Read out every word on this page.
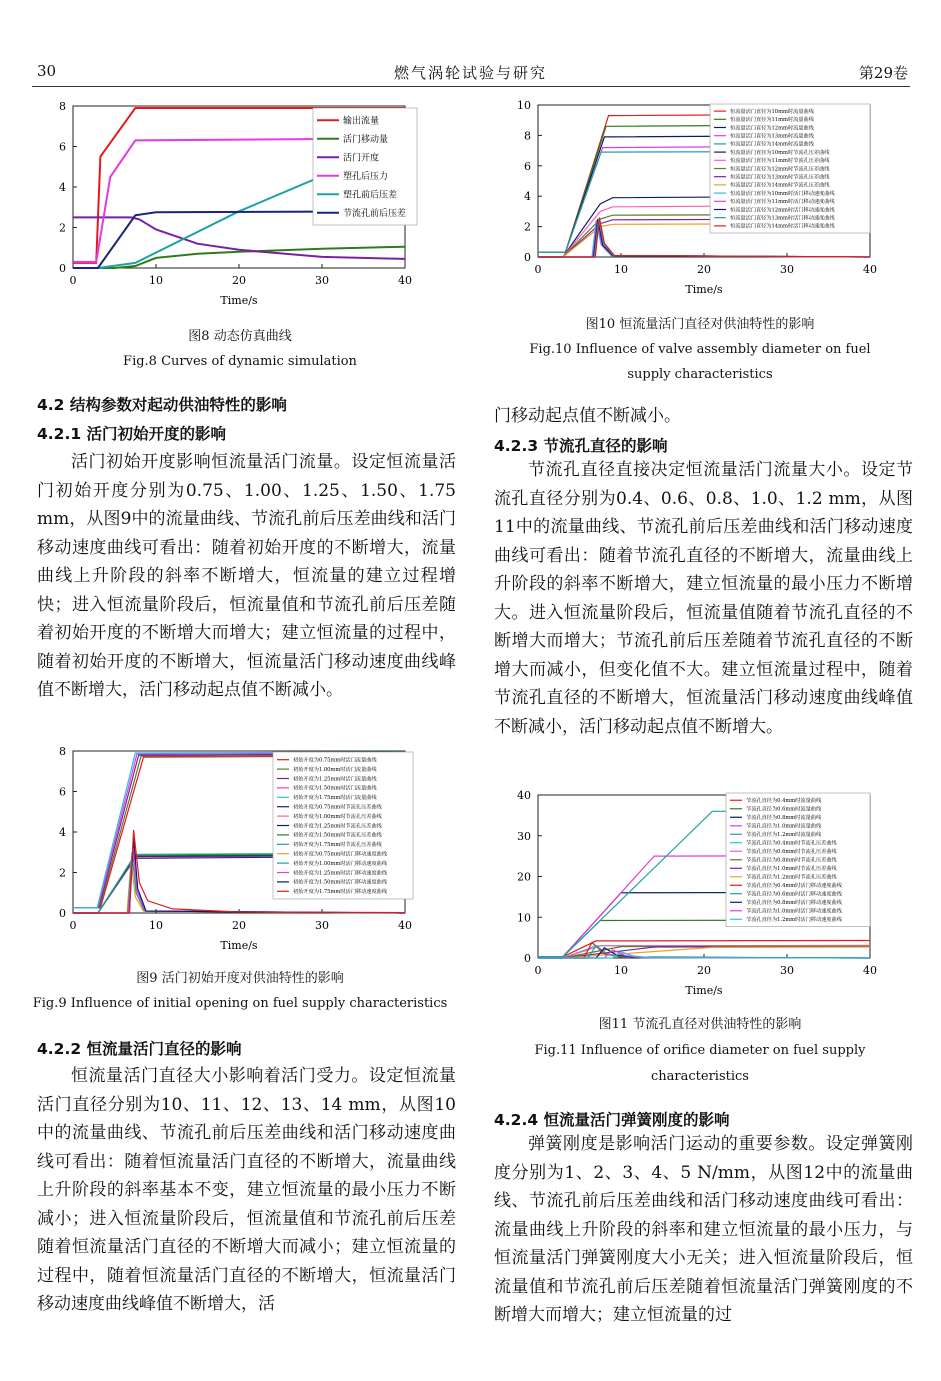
30	燃气涡轮试验与研究	第29卷
0	10	20	30	40
0
2
4
6
8
Time/s
输出流量
活门移动量
活门开度
塑孔后压力
塑孔前后压差
节流孔前后压差
图8 动态仿真曲线
Fig.8 Curves of dynamic simulation
4.2 结构参数对起动供油特性的影响
4.2.1 活门初始开度的影响

活门初始开度影响恒流量活门流量。设定恒流量活门初始开度分别为0.75、1.00、1.25、1.50、1.75 mm，从图9中的流量曲线、节流孔前后压差曲线和活门移动速度曲线可看出：随着初始开度的不断增大，流量曲线上升阶段的斜率不断增大，恒流量的建立过程增快；进入恒流量阶段后，恒流量值和节流孔前后压差随着初始开度的不断增大而增大；建立恒流量的过程中，随着初始开度的不断增大，恒流量活门移动速度曲线峰值不断增大，活门移动起点值不断减小。

0	10	20	30	40
0
2
4
6
8
Time/s
初始开度为0.75mm时活门流量曲线
初始开度为1.00mm时活门流量曲线
初始开度为1.25mm时活门流量曲线
初始开度为1.50mm时活门流量曲线
初始开度为1.75mm时活门流量曲线
初始开度为0.75mm时节流孔压差曲线
初始开度为1.00mm时节流孔压差曲线
初始开度为1.25mm时节流孔压差曲线
初始开度为1.50mm时节流孔压差曲线
初始开度为1.75mm时节流孔压差曲线
初始开度为0.75mm时活门移动速度曲线
初始开度为1.00mm时活门移动速度曲线
初始开度为1.25mm时活门移动速度曲线
初始开度为1.50mm时活门移动速度曲线
初始开度为1.75mm时活门移动速度曲线
图9 活门初始开度对供油特性的影响
Fig.9 Influence of initial opening on fuel supply characteristics
4.2.2 恒流量活门直径的影响

恒流量活门直径大小影响着活门受力。设定恒流量活门直径分别为10、11、12、13、14 mm，从图10中的流量曲线、节流孔前后压差曲线和活门移动速度曲线可看出：随着恒流量活门直径的不断增大，流量曲线上升阶段的斜率基本不变，建立恒流量的最小压力不断减小；进入恒流量阶段后，恒流量值和节流孔前后压差随着恒流量活门直径的不断增大而减小；建立恒流量的过程中，随着恒流量活门直径的不断增大，恒流量活门移动速度曲线峰值不断增大，活

0	10	20	30	40
0
2
4
6
8
10
Time/s
恒流量活门直径为10mm时流量曲线
恒流量活门直径为11mm时流量曲线
恒流量活门直径为12mm时流量曲线
恒流量活门直径为13mm时流量曲线
恒流量活门直径为14mm时流量曲线
恒流量活门直径为10mm时节流孔压差曲线
恒流量活门直径为11mm时节流孔压差曲线
恒流量活门直径为12mm时节流孔压差曲线
恒流量活门直径为13mm时节流孔压差曲线
恒流量活门直径为14mm时节流孔压差曲线
恒流量活门直径为10mm时活门移动速度曲线
恒流量活门直径为11mm时活门移动速度曲线
恒流量活门直径为12mm时活门移动速度曲线
恒流量活门直径为13mm时活门移动速度曲线
恒流量活门直径为14mm时活门移动速度曲线
图10 恒流量活门直径对供油特性的影响
Fig.10 Influence of valve assembly diameter on fuel
supply characteristics
门移动起点值不断减小。
4.2.3 节流孔直径的影响

节流孔直径直接决定恒流量活门流量大小。设定节流孔直径分别为0.4、0.6、0.8、1.0、1.2 mm，从图11中的流量曲线、节流孔前后压差曲线和活门移动速度曲线可看出：随着节流孔直径的不断增大，流量曲线上升阶段的斜率不断增大，建立恒流量的最小压力不断增大。进入恒流量阶段后，恒流量值随着节流孔直径的不断增大而增大；节流孔前后压差随着节流孔直径的不断增大而减小，但变化值不大。建立恒流量过程中，随着节流孔直径的不断增大，恒流量活门移动速度曲线峰值不断减小，活门移动起点值不断增大。

0	10	20	30	40
0
10
20
30
40
Time/s
节流孔直径为0.4mm时流量曲线
节流孔直径为0.6mm时流量曲线
节流孔直径为0.8mm时流量曲线
节流孔直径为1.0mm时流量曲线
节流孔直径为1.2mm时流量曲线
节流孔直径为0.4mm时节流孔压差曲线
节流孔直径为0.6mm时节流孔压差曲线
节流孔直径为0.8mm时节流孔压差曲线
节流孔直径为1.0mm时节流孔压差曲线
节流孔直径为1.2mm时节流孔压差曲线
节流孔直径为0.4mm时活门移动速度曲线
节流孔直径为0.6mm时活门移动速度曲线
节流孔直径为0.8mm时活门移动速度曲线
节流孔直径为1.0mm时活门移动速度曲线
节流孔直径为1.2mm时活门移动速度曲线
图11 节流孔直径对供油特性的影响
Fig.11 Influence of orifice diameter on fuel supply
characteristics
4.2.4 恒流量活门弹簧刚度的影响

弹簧刚度是影响活门运动的重要参数。设定弹簧刚度分别为1、2、3、4、5 N/mm，从图12中的流量曲线、节流孔前后压差曲线和活门移动速度曲线可看出：流量曲线上升阶段的斜率和建立恒流量的最小压力，与恒流量活门弹簧刚度大小无关；进入恒流量阶段后，恒流量值和节流孔前后压差随着恒流量活门弹簧刚度的不断增大而增大；建立恒流量的过
